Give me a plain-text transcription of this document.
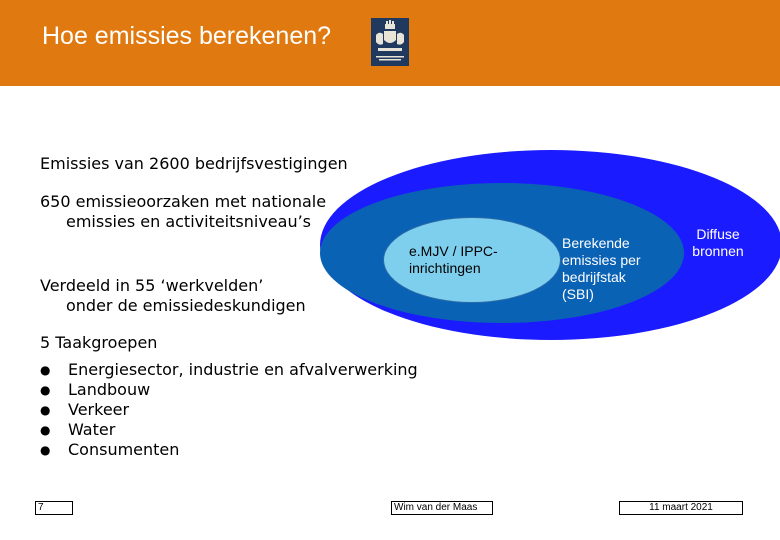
Hoe emissies berekenen?
Emissies van 2600 bedrijfsvestigingen
650 emissieoorzaken met nationale
emissies en activiteitsniveau’s
Verdeeld in 55 ‘werkvelden’
onder de emissiedeskundigen
e.MJV / IPPC-
inrichtingen
Berekende
emissies per
bedrijfstak
(SBI)
Diffuse
bronnen
5 Taakgroepen
●	Energiesector, industrie en afvalverwerking
●	Landbouw
●	Verkeer
●	Water
●	Consumenten
7	Wim van der Maas	11 maart 2021
